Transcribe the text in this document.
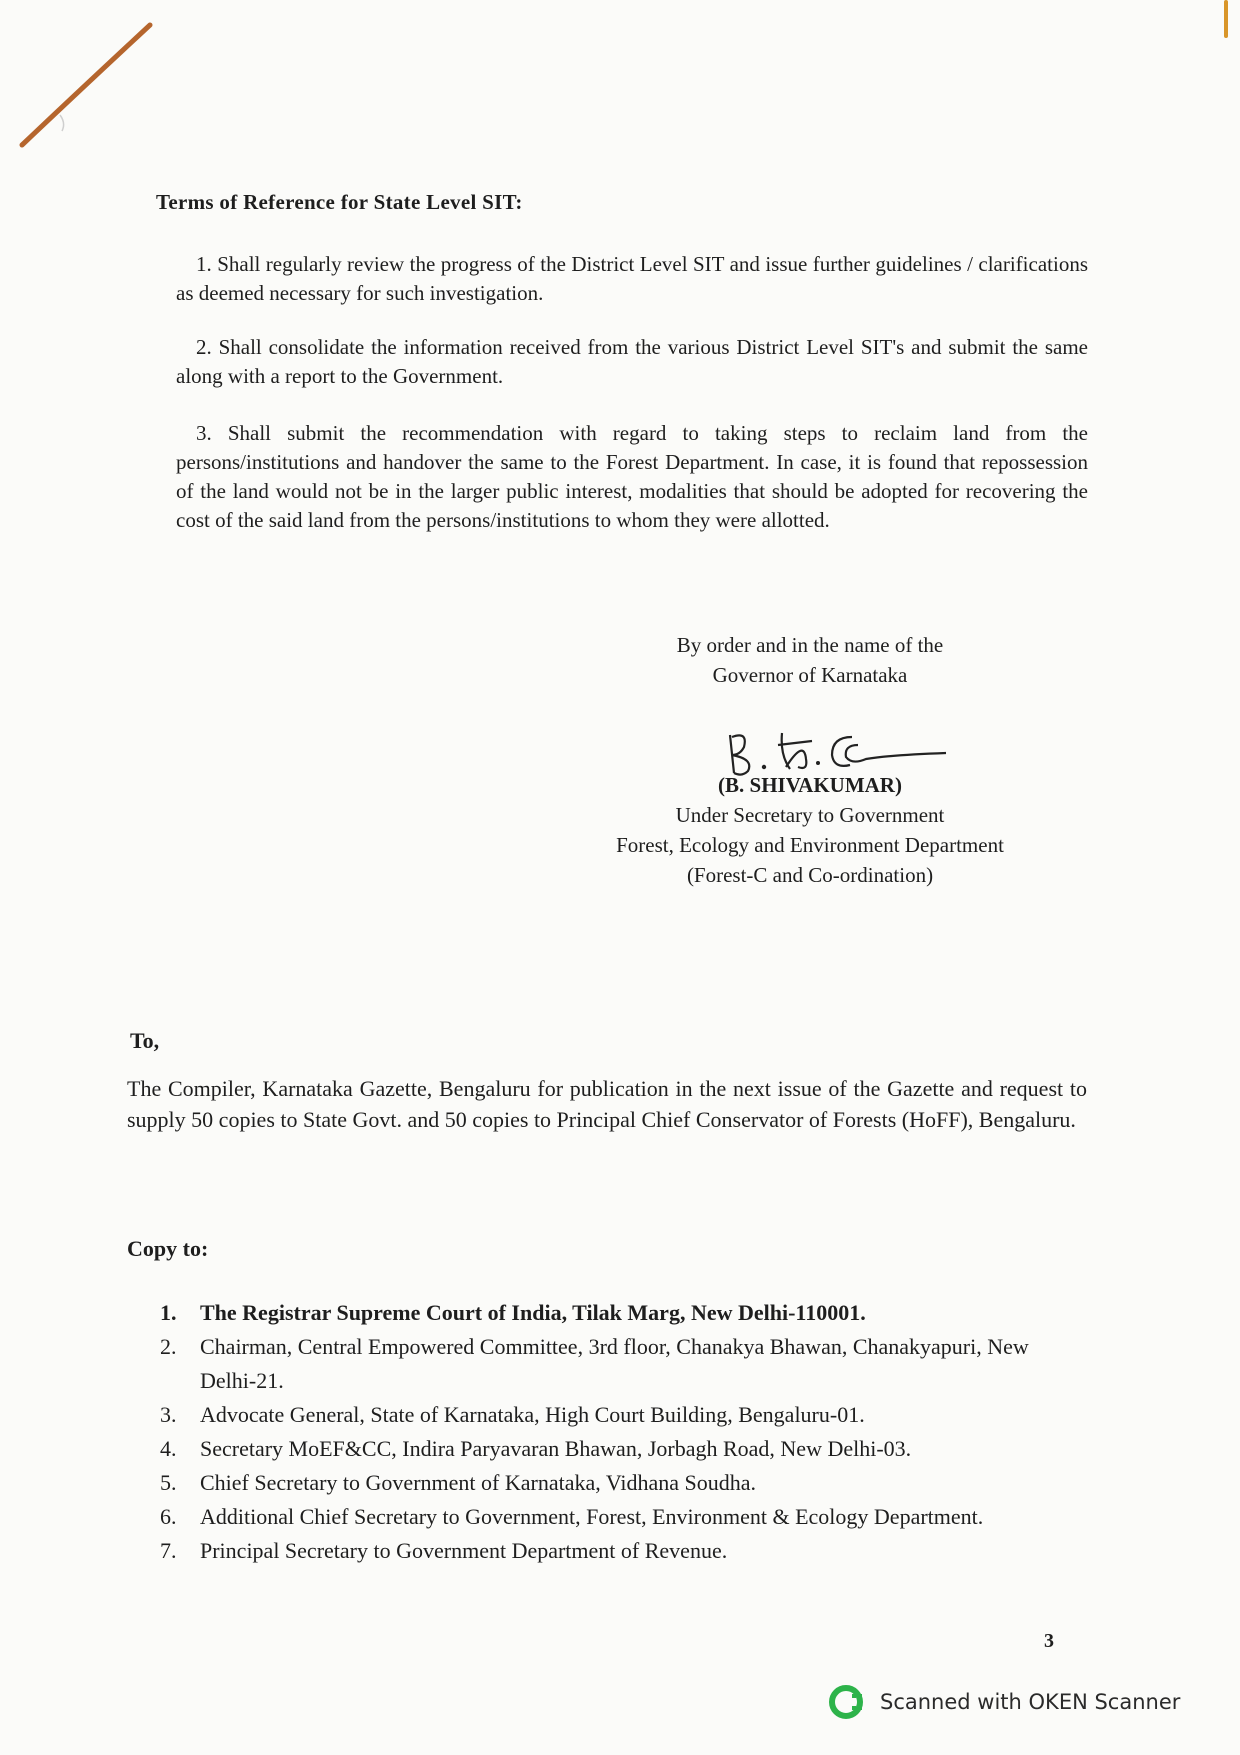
Terms of Reference for State Level SIT:
1. Shall regularly review the progress of the District Level SIT and issue further guidelines / clarifications as deemed necessary for such investigation.
2. Shall consolidate the information received from the various District Level SIT's and submit the same along with a report to the Government.
3. Shall submit the recommendation with regard to taking steps to reclaim land from the persons/institutions and handover the same to the Forest Department. In case, it is found that repossession of the land would not be in the larger public interest, modalities that should be adopted for recovering the cost of the said land from the persons/institutions to whom they were allotted.
By order and in the name of the
Governor of Karnataka
(B. SHIVAKUMAR)
Under Secretary to Government
Forest, Ecology and Environment Department
(Forest-C and Co-ordination)
To,
The Compiler, Karnataka Gazette, Bengaluru for publication in the next issue of the Gazette and request to supply 50 copies to State Govt. and 50 copies to Principal Chief Conservator of Forests (HoFF), Bengaluru.
Copy to:
1.	The Registrar Supreme Court of India, Tilak Marg, New Delhi-110001.
2.	Chairman, Central Empowered Committee, 3rd floor, Chanakya Bhawan, Chanakyapuri, New Delhi-21.
3.	Advocate General, State of Karnataka, High Court Building, Bengaluru-01.
4.	Secretary MoEF&CC, Indira Paryavaran Bhawan, Jorbagh Road, New Delhi-03.
5.	Chief Secretary to Government of Karnataka, Vidhana Soudha.
6.	Additional Chief Secretary to Government, Forest, Environment & Ecology Department.
7.	Principal Secretary to Government Department of Revenue.
3
Scanned with OKEN Scanner
